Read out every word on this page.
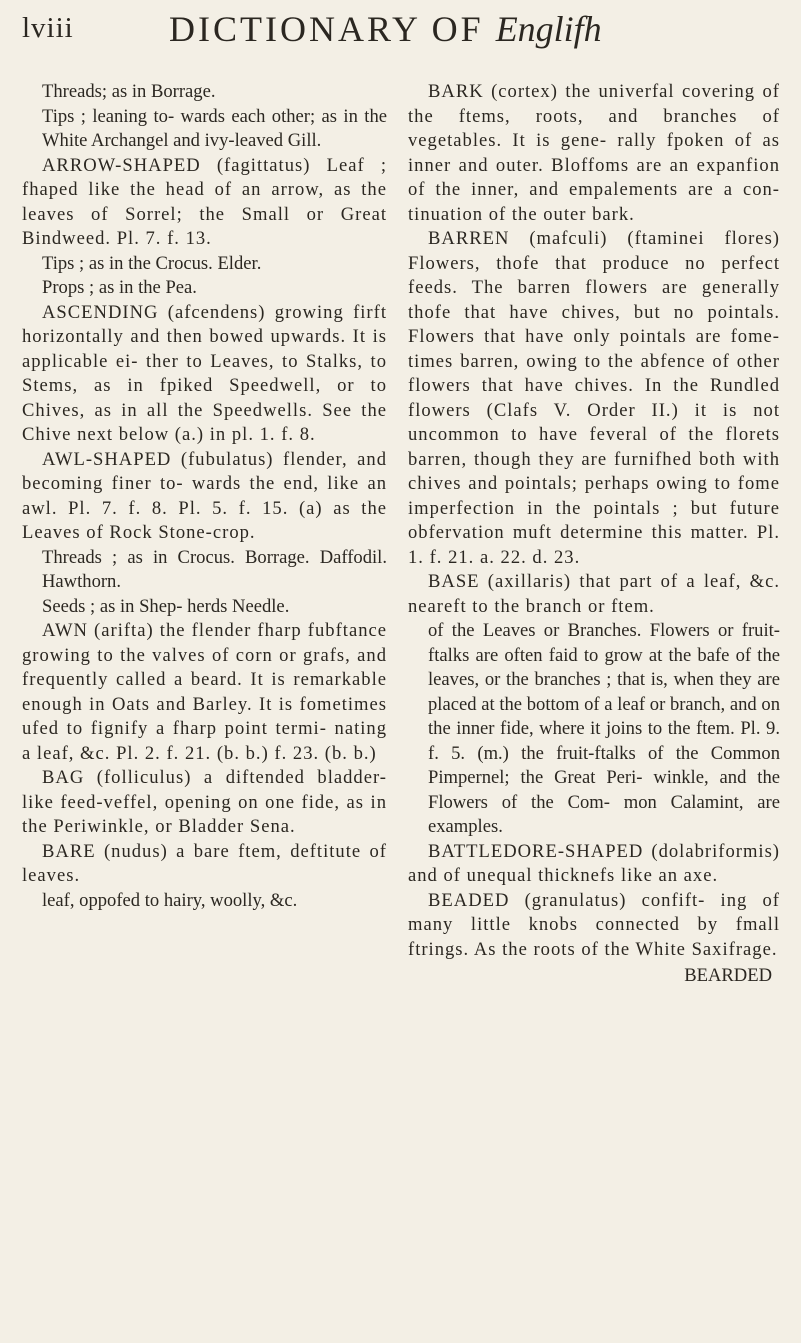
lviii	DICTIONARY OF Englifh

Threads; as in Borrage.

Tips ; leaning to- wards each other; as in the White Archangel and ivy-leaved Gill.

ARROW-SHAPED (fagittatus) Leaf ; fhaped like the head of an arrow, as the leaves of Sorrel; the Small or Great Bindweed. Pl. 7. f. 13.

Tips ; as in the Crocus. Elder.

Props ; as in the Pea.

ASCENDING (afcendens) growing firft horizontally and then bowed upwards. It is applicable ei- ther to Leaves, to Stalks, to Stems, as in fpiked Speedwell, or to Chives, as in all the Speedwells. See the Chive next below (a.) in pl. 1. f. 8.

AWL-SHAPED (fubulatus) flender, and becoming finer to- wards the end, like an awl. Pl. 7. f. 8. Pl. 5. f. 15. (a) as the Leaves of Rock Stone-crop.

Threads ; as in Crocus. Borrage. Daffodil. Hawthorn.

Seeds ; as in Shep- herds Needle.

AWN (arifta) the flender fharp fubftance growing to the valves of corn or grafs, and frequently called a beard. It is remarkable enough in Oats and Barley. It is fometimes ufed to fignify a fharp point termi- nating a leaf, &c. Pl. 2. f. 21. (b. b.) f. 23. (b. b.)

BAG (folliculus) a diftended bladder-like feed-veffel, opening on one fide, as in the Periwinkle, or Bladder Sena.

BARE (nudus) a bare ftem, deftitute of leaves.

leaf, oppofed to hairy, woolly, &c.

BARK (cortex) the univerfal covering of the ftems, roots, and branches of vegetables. It is gene- rally fpoken of as inner and outer. Bloffoms are an expanfion of the inner, and empalements are a con- tinuation of the outer bark.

BARREN (mafculi) (ftaminei flores) Flowers, thofe that produce no perfect feeds. The barren flowers are generally thofe that have chives, but no pointals. Flowers that have only pointals are fome- times barren, owing to the abfence of other flowers that have chives. In the Rundled flowers (Clafs V. Order II.) it is not uncommon to have feveral of the florets barren, though they are furnifhed both with chives and pointals; perhaps owing to fome imperfection in the pointals ; but future obfervation muft determine this matter. Pl. 1. f. 21. a. 22. d. 23.

BASE (axillaris) that part of a leaf, &c. neareft to the branch or ftem.

of the Leaves or Branches. Flowers or fruit-ftalks are often faid to grow at the bafe of the leaves, or the branches ; that is, when they are placed at the bottom of a leaf or branch, and on the inner fide, where it joins to the ftem. Pl. 9. f. 5. (m.) the fruit-ftalks of the Common Pimpernel; the Great Peri- winkle, and the Flowers of the Com- mon Calamint, are examples.

BATTLEDORE-SHAPED (dolabriformis) and of unequal thicknefs like an axe.

BEADED (granulatus) confift- ing of many little knobs connected by fmall ftrings. As the roots of the White Saxifrage.

BEARDED
